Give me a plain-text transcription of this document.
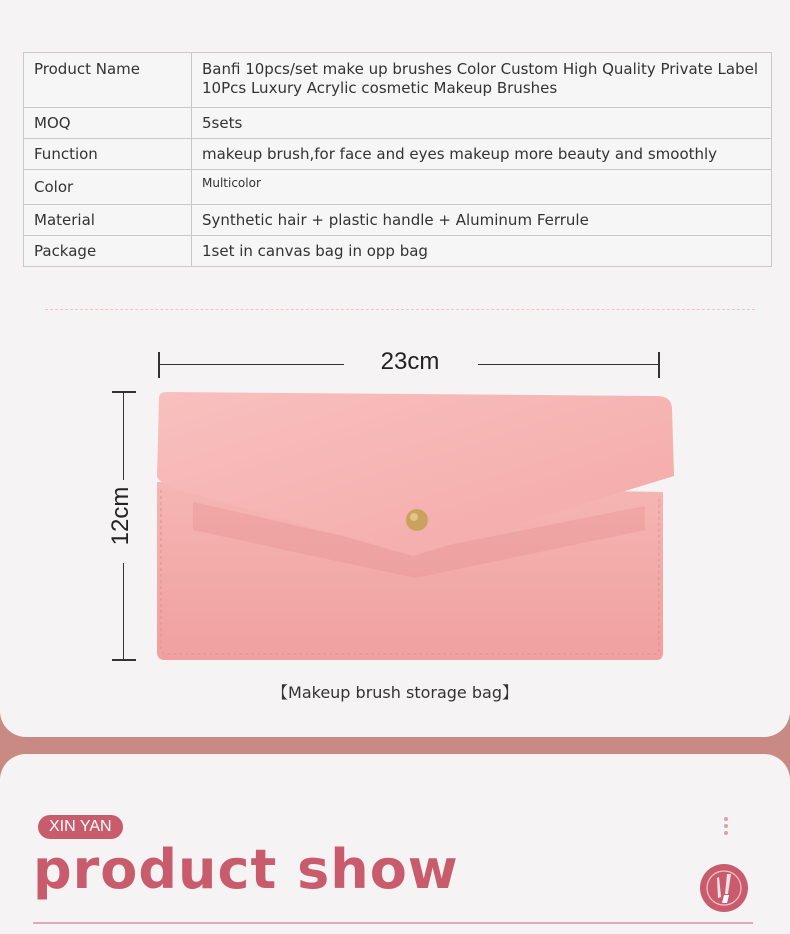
Product Name	Banfi 10pcs/set make up brushes Color Custom High Quality Private Label 10Pcs Luxury Acrylic cosmetic Makeup Brushes
MOQ	5sets
Function	makeup brush,for face and eyes makeup more beauty and smoothly
Color	Multicolor
Material	Synthetic hair + plastic handle + Aluminum Ferrule
Package	1set in canvas bag in opp bag
23cm
12cm
【Makeup brush storage bag】
XIN YAN
product show
